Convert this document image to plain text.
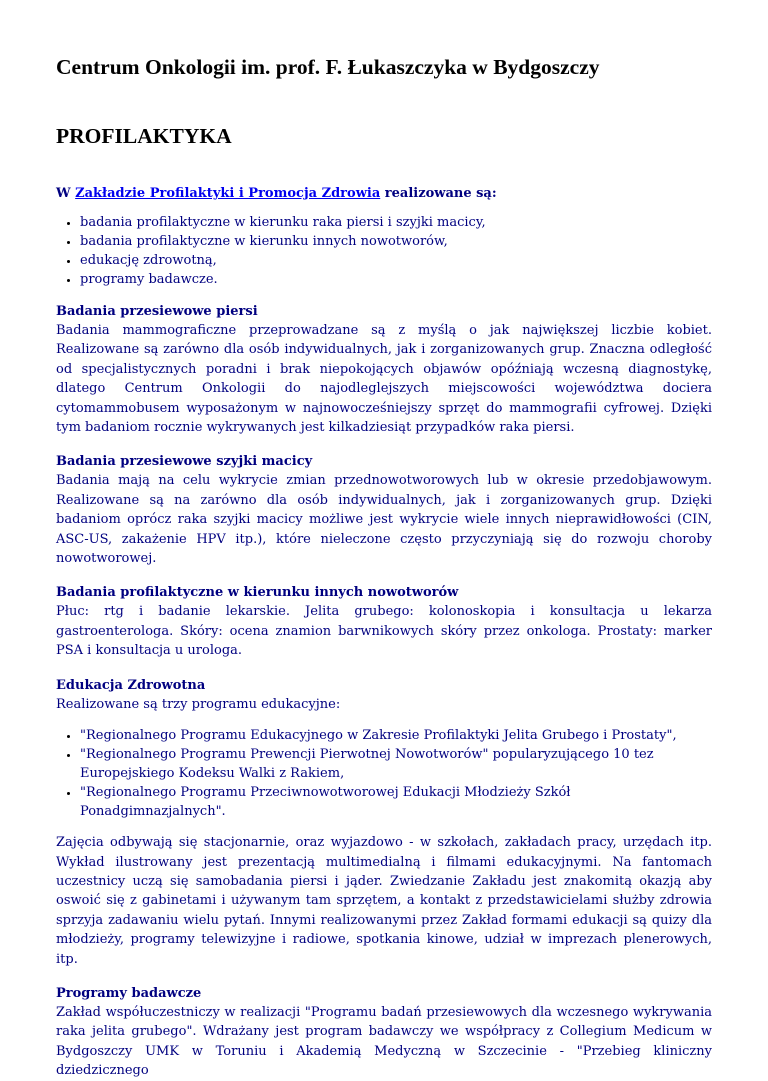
Centrum Onkologii im. prof. F. Łukaszczyka w Bydgoszczy
PROFILAKTYKA
W Zakładzie Profilaktyki i Promocja Zdrowia realizowane są:
• badania profilaktyczne w kierunku raka piersi i szyjki macicy,
• badania profilaktyczne w kierunku innych nowotworów,
• edukację zdrowotną,
• programy badawcze.
Badania przesiewowe piersi

Badania mammograficzne przeprowadzane są z myślą o jak największej liczbie kobiet. Realizowane są zarówno dla osób indywidualnych, jak i zorganizowanych grup. Znaczna odległość od specjalistycznych poradni i brak niepokojących objawów opóźniają wczesną diagnostykę, dlatego Centrum Onkologii do najodleglejszych miejscowości województwa dociera cytomammobusem wyposażonym w najnowocześniejszy sprzęt do mammografii cyfrowej. Dzięki tym badaniom rocznie wykrywanych jest kilkadziesiąt przypadków raka piersi.

Badania przesiewowe szyjki macicy

Badania mają na celu wykrycie zmian przednowotworowych lub w okresie przedobjawowym. Realizowane są na zarówno dla osób indywidualnych, jak i zorganizowanych grup. Dzięki badaniom oprócz raka szyjki macicy możliwe jest wykrycie wiele innych nieprawidłowości (CIN, ASC-US, zakażenie HPV itp.), które nieleczone często przyczyniają się do rozwoju choroby nowotworowej.

Badania profilaktyczne w kierunku innych nowotworów

Płuc: rtg i badanie lekarskie. Jelita grubego: kolonoskopia i konsultacja u lekarza gastroenterologa. Skóry: ocena znamion barwnikowych skóry przez onkologa. Prostaty: marker PSA i konsultacja u urologa.

Edukacja Zdrowotna

Realizowane są trzy programu edukacyjne:

• "Regionalnego Programu Edukacyjnego w Zakresie Profilaktyki Jelita Grubego i Prostaty",
• "Regionalnego Programu Prewencji Pierwotnej Nowotworów" popularyzującego 10 tez Europejskiego Kodeksu Walki z Rakiem,
• "Regionalnego Programu Przeciwnowotworowej Edukacji Młodzieży Szkół Ponadgimnazjalnych".

Zajęcia odbywają się stacjonarnie, oraz wyjazdowo - w szkołach, zakładach pracy, urzędach itp. Wykład ilustrowany jest prezentacją multimedialną i filmami edukacyjnymi. Na fantomach uczestnicy uczą się samobadania piersi i jąder. Zwiedzanie Zakładu jest znakomitą okazją aby oswoić się z gabinetami i używanym tam sprzętem, a kontakt z przedstawicielami służby zdrowia sprzyja zadawaniu wielu pytań. Innymi realizowanymi przez Zakład formami edukacji są quizy dla młodzieży, programy telewizyjne i radiowe, spotkania kinowe, udział w imprezach plenerowych, itp.

Programy badawcze

Zakład współuczestniczy w realizacji "Programu badań przesiewowych dla wczesnego wykrywania raka jelita grubego". Wdrażany jest program badawczy we współpracy z Collegium Medicum w Bydgoszczy UMK w Toruniu i Akademią Medyczną w Szczecinie - "Przebieg kliniczny dziedzicznego
